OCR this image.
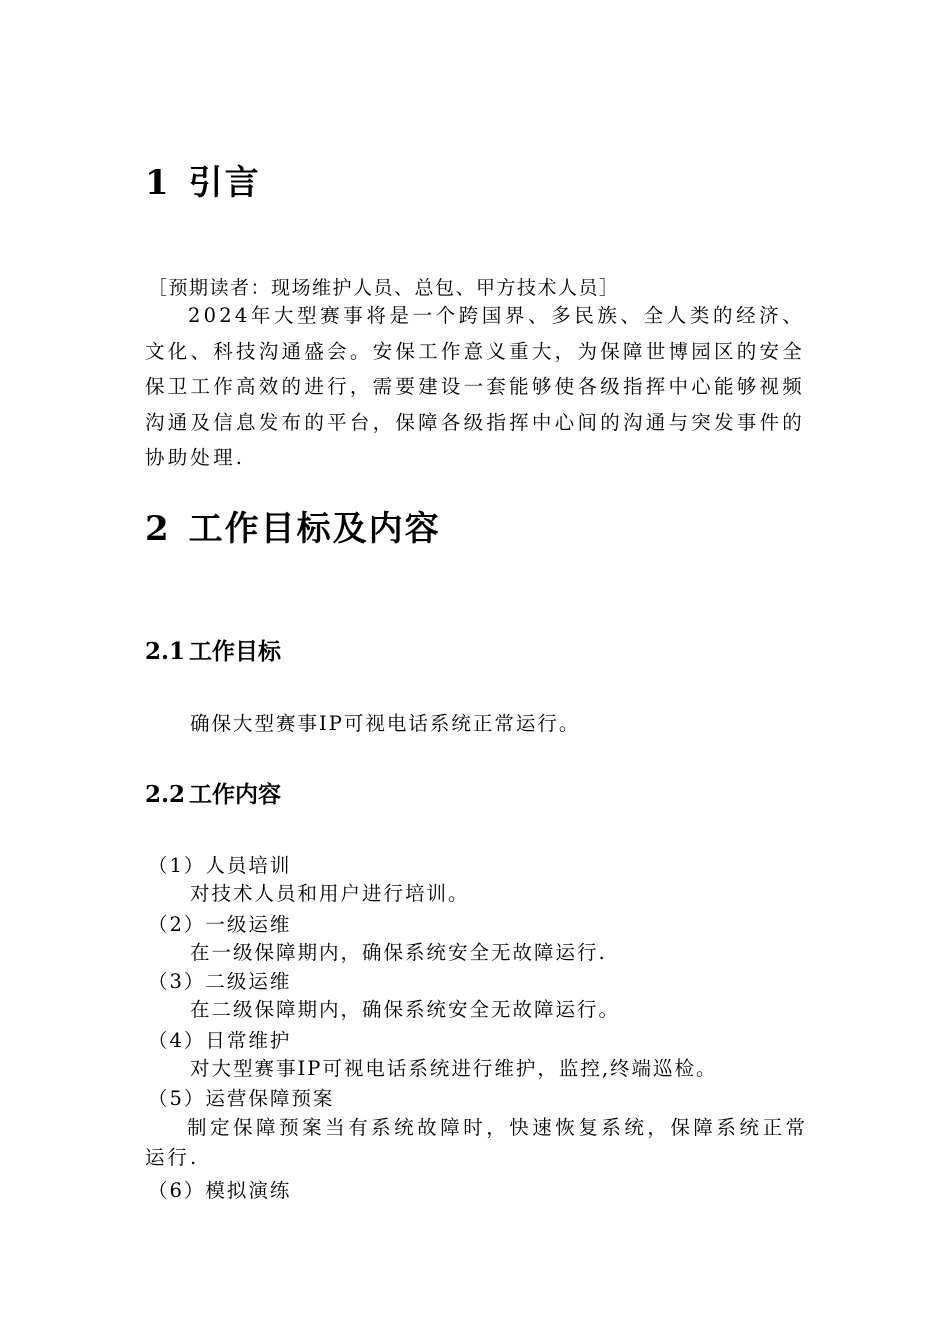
1 引言
［预期读者：现场维护人员、总包、甲方技术人员］

2024年大型赛事将是一个跨国界、多民族、全人类的经济、文化、科技沟通盛会。安保工作意义重大，为保障世博园区的安全保卫工作高效的进行，需要建设一套能够使各级指挥中心能够视频沟通及信息发布的平台，保障各级指挥中心间的沟通与突发事件的协助处理.

2 工作目标及内容
2.1 工作目标
确保大型赛事IP可视电话系统正常运行。
2.2 工作内容
（1）人员培训

对技术人员和用户进行培训。

（2）一级运维

在一级保障期内，确保系统安全无故障运行.

（3）二级运维

在二级保障期内，确保系统安全无故障运行。

（4）日常维护

对大型赛事IP可视电话系统进行维护，监控,终端巡检。

（5）运营保障预案

制定保障预案当有系统故障时，快速恢复系统，保障系统正常运行.

（6）模拟演练
